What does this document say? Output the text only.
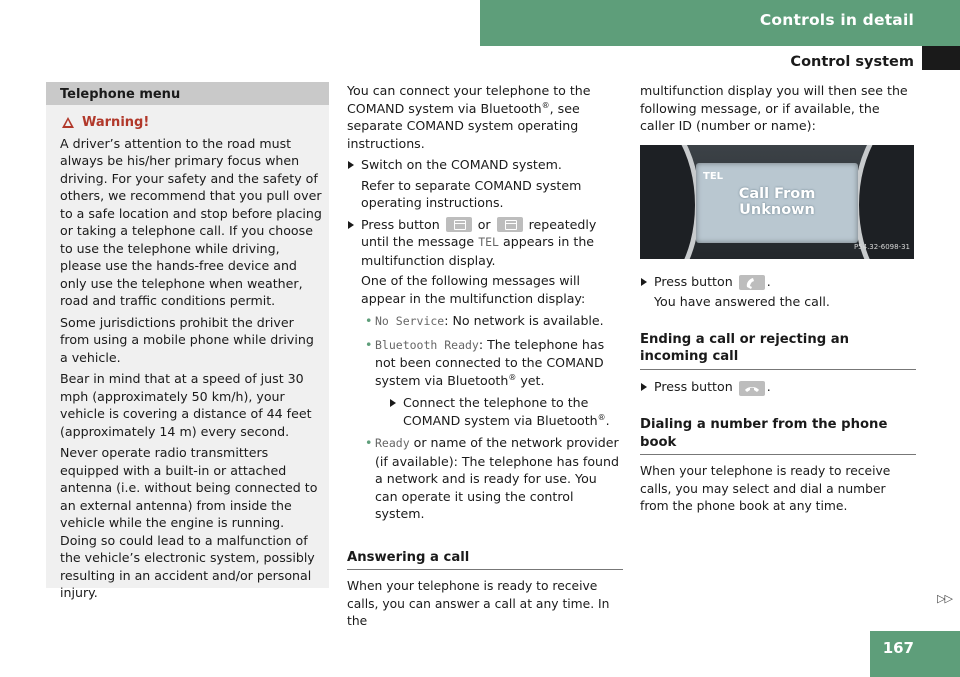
Controls in detail
Control system
Telephone menu
Warning!

A driver’s attention to the road must always be his/her primary focus when driving. For your safety and the safety of others, we recommend that you pull over to a safe location and stop before placing or taking a telephone call. If you choose to use the telephone while driving, please use the hands-free device and only use the telephone when weather, road and traffic conditions permit.

Some jurisdictions prohibit the driver from using a mobile phone while driving a vehicle.

Bear in mind that at a speed of just 30 mph (approximately 50 km/h), your vehicle is covering a distance of 44 feet (approximately 14 m) every second.

Never operate radio transmitters equipped with a built-in or attached antenna (i.e. without being connected to an external antenna) from inside the vehicle while the engine is running. Doing so could lead to a malfunction of the vehicle’s electronic system, possibly resulting in an accident and/or personal injury.

You can connect your telephone to the COMAND system via Bluetooth®, see separate COMAND system operating instructions.

Switch on the COMAND system.
Refer to separate COMAND system operating instructions.
Press button	or	repeatedly until the message TEL appears in the multifunction display.
One of the following messages will appear in the multifunction display:
• No Service: No network is available.
• Bluetooth Ready: The telephone has not been connected to the COMAND system via Bluetooth® yet.
Connect the telephone to the COMAND system via Bluetooth®.
• Ready or name of the network provider (if available): The telephone has found a network and is ready for use. You can operate it using the control system.
Answering a call

When your telephone is ready to receive calls, you can answer a call at any time. In the

multifunction display you will then see the following message, or if available, the caller ID (number or name):

TEL
Call From
Unknown
P54.32-6098-31
Press button	.
You have answered the call.
Ending a call or rejecting an incoming call
Press button	.
Dialing a number from the phone book

When your telephone is ready to receive calls, you may select and dial a number from the phone book at any time.

▷▷
167
